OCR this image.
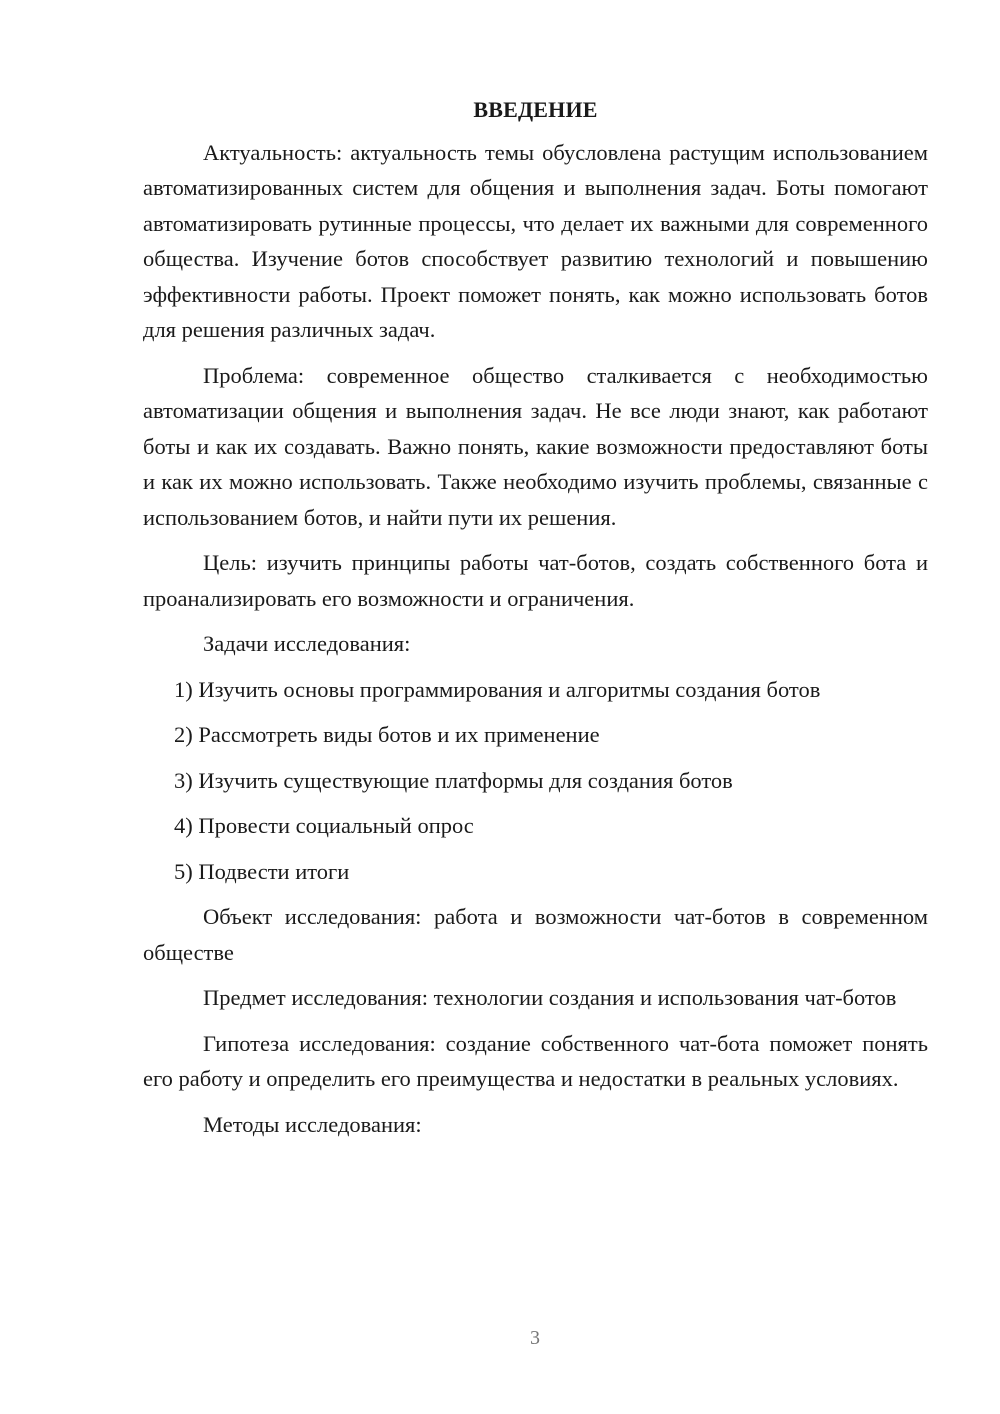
ВВЕДЕНИЕ

Актуальность: актуальность темы обусловлена растущим использованием автоматизированных систем для общения и выполнения задач. Боты помогают автоматизировать рутинные процессы, что делает их важными для современного общества. Изучение ботов способствует развитию технологий и повышению эффективности работы. Проект поможет понять, как можно использовать ботов для решения различных задач.

Проблема: современное общество сталкивается с необходимостью автоматизации общения и выполнения задач. Не все люди знают, как работают боты и как их создавать. Важно понять, какие возможности предоставляют боты и как их можно использовать. Также необходимо изучить проблемы, связанные с использованием ботов, и найти пути их решения.

Цель: изучить принципы работы чат-ботов, создать собственного бота и проанализировать его возможности и ограничения.

Задачи исследования:

1) Изучить основы программирования и алгоритмы создания ботов
2) Рассмотреть виды ботов и их применение
3) Изучить существующие платформы для создания ботов
4) Провести социальный опрос
5) Подвести итоги

Объект исследования: работа и возможности чат-ботов в современном обществе

Предмет исследования: технологии создания и использования чат-ботов

Гипотеза исследования: создание собственного чат-бота поможет понять его работу и определить его преимущества и недостатки в реальных условиях.

Методы исследования:

3
